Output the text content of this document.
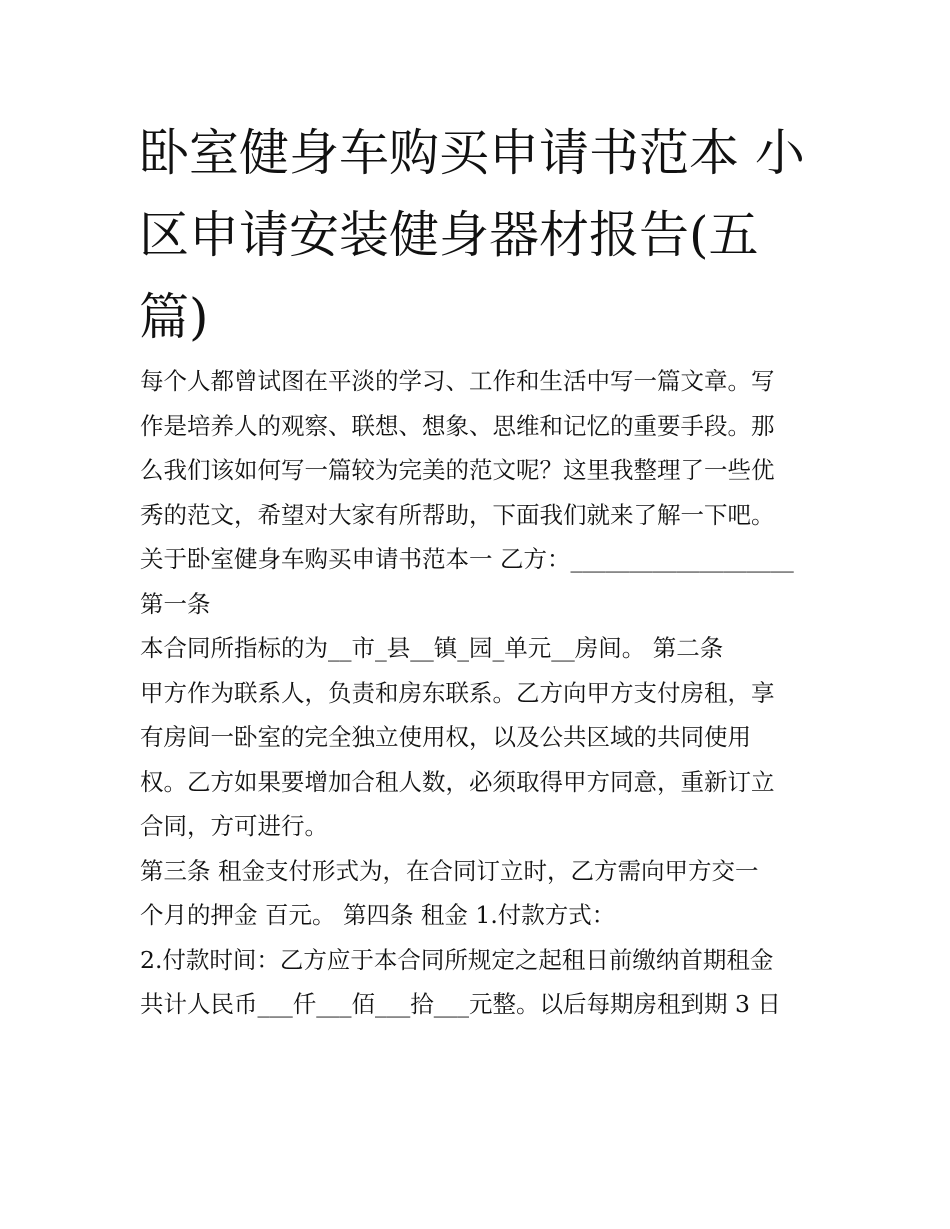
卧室健身车购买申请书范本 小
区申请安装健身器材报告(五
篇)
每个人都曾试图在平淡的学习、工作和生活中写一篇文章。写
作是培养人的观察、联想、想象、思维和记忆的重要手段。那
么我们该如何写一篇较为完美的范文呢？这里我整理了一些优
秀的范文，希望对大家有所帮助，下面我们就来了解一下吧。
关于卧室健身车购买申请书范本一 乙方：___________________
第一条
本合同所指标的为__市_县__镇_园_单元__房间。 第二条
甲方作为联系人，负责和房东联系。乙方向甲方支付房租，享
有房间一卧室的完全独立使用权，以及公共区域的共同使用
权。乙方如果要增加合租人数，必须取得甲方同意，重新订立
合同，方可进行。
第三条 租金支付形式为，在合同订立时，乙方需向甲方交一
个月的押金 百元。 第四条 租金 1.付款方式：
2.付款时间：乙方应于本合同所规定之起租日前缴纳首期租金
共计人民币___仟___佰___拾___元整。以后每期房租到期 3 日
